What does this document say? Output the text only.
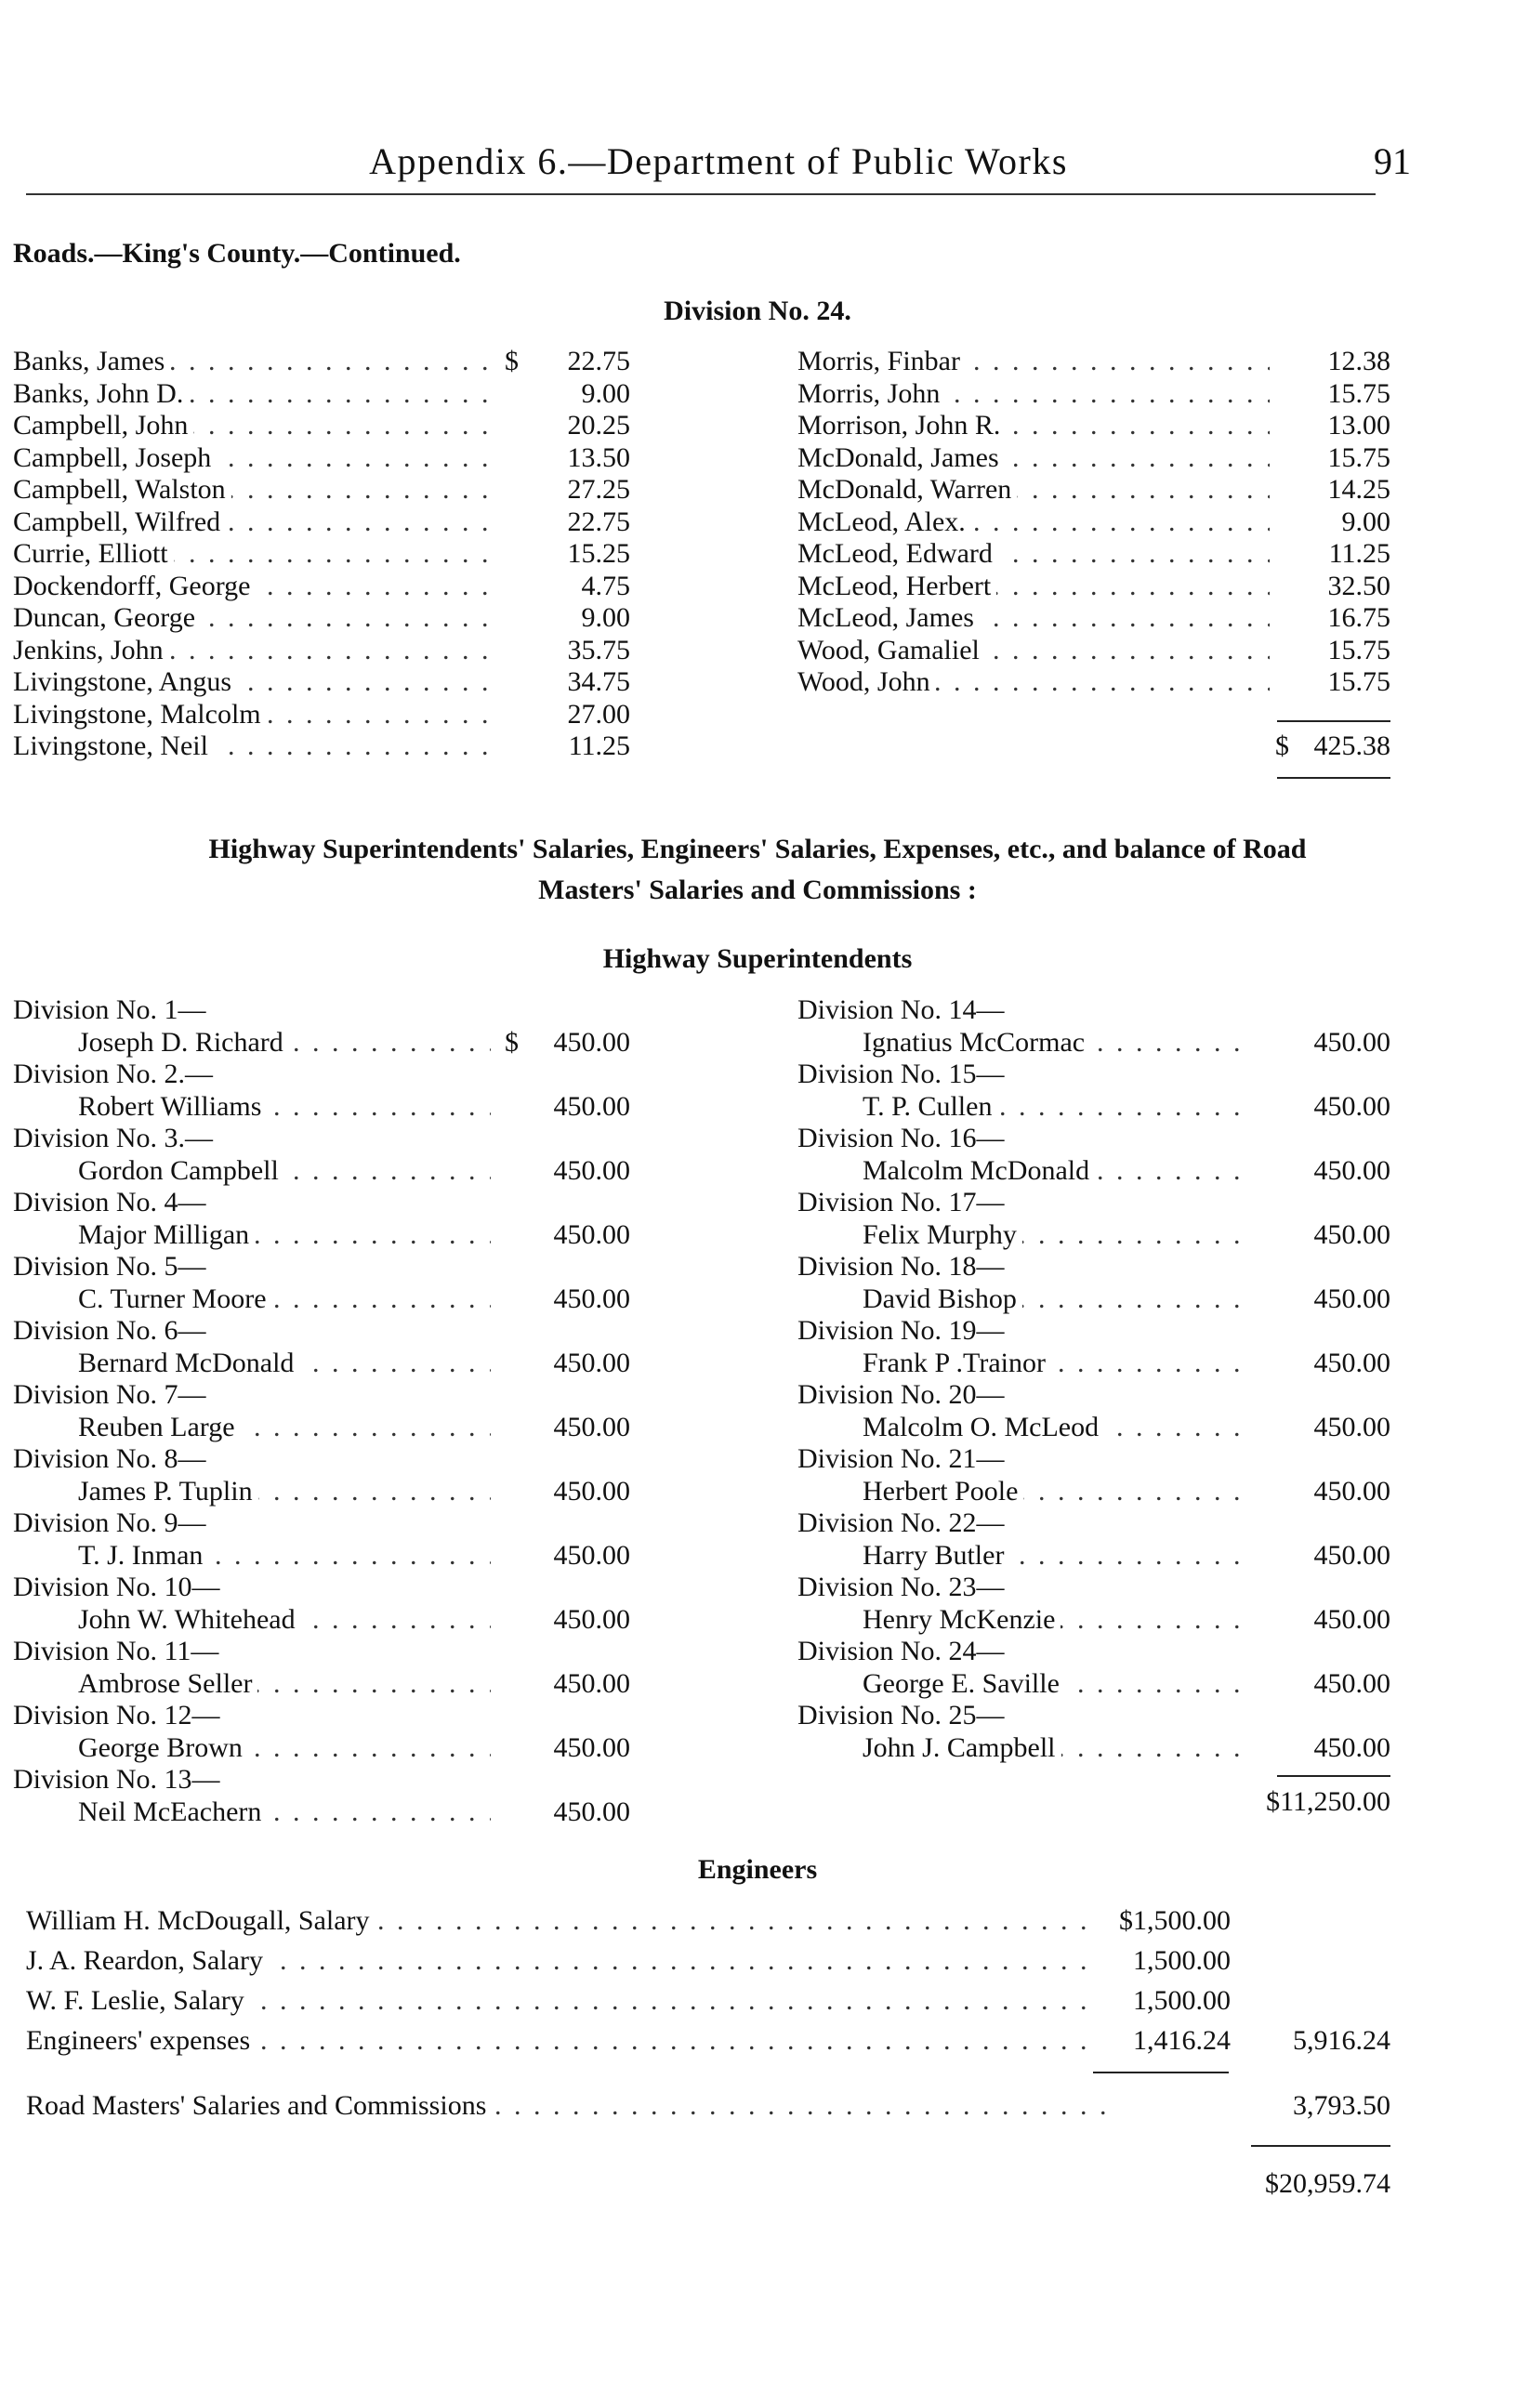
Appendix 6.—Department of Public Works	91
Roads.—King's County.—Continued.
Division No. 24.
. . .
Banks, James	$	22.75
. . .
Banks, John D.	9.00
. . .
Campbell, John	20.25
. . .
Campbell, Joseph	13.50
. . .
Campbell, Walston	27.25
. . .
Campbell, Wilfred	22.75
. . .
Currie, Elliott	15.25
. . .
Dockendorff, George	4.75
. . .
Duncan, George	9.00
. . .
Jenkins, John	35.75
. . .
Livingstone, Angus	34.75
. . .
Livingstone, Malcolm	27.00
. . .
Livingstone, Neil	11.25
. . .
Morris, Finbar	12.38
. . .
Morris, John	15.75
. . .
Morrison, John R.	13.00
. . .
McDonald, James	15.75
. . .
McDonald, Warren	14.25
. . .
McLeod, Alex.	9.00
. . .
McLeod, Edward	11.25
. . .
McLeod, Herbert	32.50
. . .
McLeod, James	16.75
. . .
Wood, Gamaliel	15.75
. . .
Wood, John	15.75
$ 425.38
Highway Superintendents' Salaries, Engineers' Salaries, Expenses, etc., and balance of Road
Masters' Salaries and Commissions :
Highway Superintendents
Division No. 1—
. . .
Joseph D. Richard	$	450.00
Division No. 2.—
. . .
Robert Williams	450.00
Division No. 3.—
. . .
Gordon Campbell	450.00
Division No. 4—
. . .
Major Milligan	450.00
Division No. 5—
. . .
C. Turner Moore	450.00
Division No. 6—
. . .
Bernard McDonald	450.00
Division No. 7—
. . .
Reuben Large	450.00
Division No. 8—
. . .
James P. Tuplin	450.00
Division No. 9—
. . .
T. J. Inman	450.00
Division No. 10—
. . .
John W. Whitehead	450.00
Division No. 11—
. . .
Ambrose Seller	450.00
Division No. 12—
. . .
George Brown	450.00
Division No. 13—
. . .
Neil McEachern	450.00
Division No. 14—
. . .
Ignatius McCormac	450.00
Division No. 15—
. . .
T. P. Cullen	450.00
Division No. 16—
. . .
Malcolm McDonald	450.00
Division No. 17—
. . .
Felix Murphy	450.00
Division No. 18—
. . .
David Bishop	450.00
Division No. 19—
. . .
Frank P .Trainor	450.00
Division No. 20—
. . .
Malcolm O. McLeod	450.00
Division No. 21—
. . .
Herbert Poole	450.00
Division No. 22—
. . .
Harry Butler	450.00
Division No. 23—
. . .
Henry McKenzie	450.00
Division No. 24—
. . .
George E. Saville	450.00
Division No. 25—
. . .
John J. Campbell	450.00
$11,250.00
Engineers
. . .
William H. McDougall, Salary	$1,500.00
. . .
J. A. Reardon, Salary	1,500.00
. . .
W. F. Leslie, Salary	1,500.00
. . .
Engineers' expenses	1,416.24	5,916.24
. . .
Road Masters' Salaries and Commissions	3,793.50
$20,959.74
